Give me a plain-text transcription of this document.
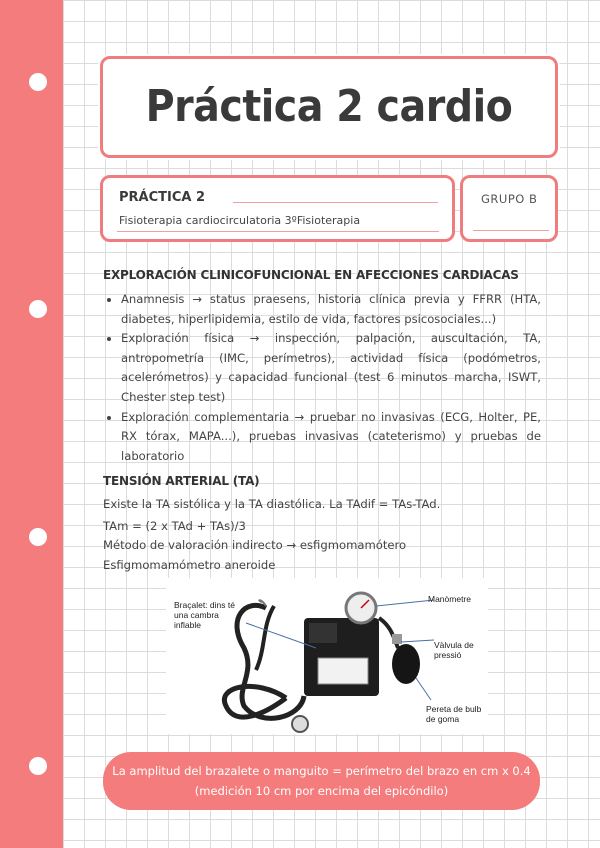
Práctica 2 cardio
PRÁCTICA 2
Fisioterapia cardiocirculatoria 3ºFisioterapia
GRUPO B
EXPLORACIÓN CLINICOFUNCIONAL EN AFECCIONES CARDIACAS
• Anamnesis → status praesens, historia clínica previa y FFRR (HTA, diabetes, hiperlipidemia, estilo de vida, factores psicosociales...)
• Exploración física → inspección, palpación, auscultación, TA, antropometría (IMC, perímetros), actividad física (podómetros, acelerómetros) y capacidad funcional (test 6 minutos marcha, ISWT, Chester step test)
• Exploración complementaria → pruebar no invasivas (ECG, Holter, PE, RX tórax, MAPA...), pruebas invasivas (cateterismo) y pruebas de laboratorio
TENSIÓN ARTERIAL (TA)
Existe la TA sistólica y la TA diastólica. La TAdif = TAs-TAd.
TAm = (2 x TAd + TAs)/3
Método de valoración indirecto → esfigmomamótero
Esfigmomamómetro aneroide
Braçalet: dins té una cambra inflable
Manòmetre
Vàlvula de pressió
Pereta de bulb de goma
La amplitud del brazalete o manguito = perímetro del brazo en cm x 0.4
(medición 10 cm por encima del epicóndilo)
